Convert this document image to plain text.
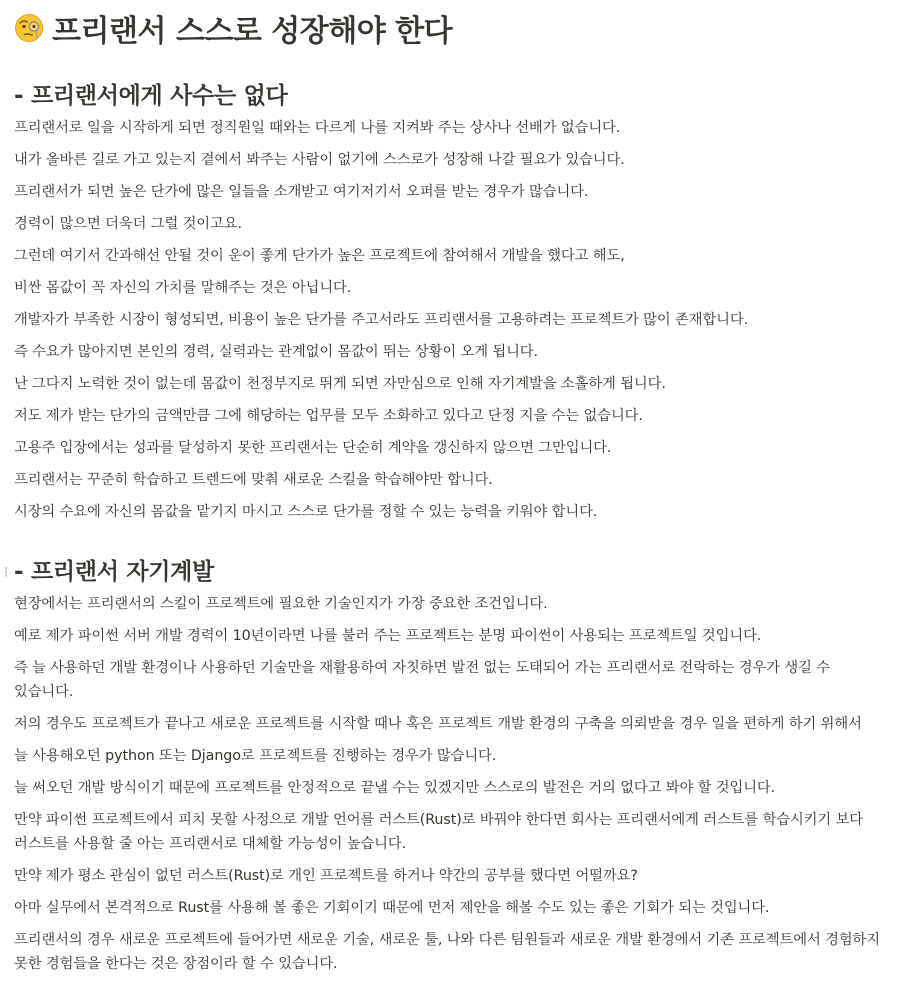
프리랜서 스스로 성장해야 한다
- 프리랜서에게 사수는 없다

프리랜서로 일을 시작하게 되면 정직원일 때와는 다르게 나를 지켜봐 주는 상사나 선배가 없습니다.

내가 올바른 길로 가고 있는지 곁에서 봐주는 사람이 없기에 스스로가 성장해 나갈 필요가 있습니다.

프리랜서가 되면 높은 단가에 많은 일들을 소개받고 여기저기서 오퍼를 받는 경우가 많습니다.

경력이 많으면 더욱더 그럴 것이고요.

그런데 여기서 간과해선 안될 것이 운이 좋게 단가가 높은 프로젝트에 참여해서 개발을 했다고 해도,

비싼 몸값이 꼭 자신의 가치를 말해주는 것은 아닙니다.

개발자가 부족한 시장이 형성되면, 비용이 높은 단가를 주고서라도 프리랜서를 고용하려는 프로젝트가 많이 존재합니다.

즉 수요가 많아지면 본인의 경력, 실력과는 관계없이 몸값이 뛰는 상황이 오게 됩니다.

난 그다지 노력한 것이 없는데 몸값이 천정부지로 뛰게 되면 자만심으로 인해 자기계발을 소홀하게 됩니다.

저도 제가 받는 단가의 금액만큼 그에 해당하는 업무를 모두 소화하고 있다고 단정 지을 수는 없습니다.

고용주 입장에서는 성과를 달성하지 못한 프리랜서는 단순히 계약을 갱신하지 않으면 그만입니다.

프리랜서는 꾸준히 학습하고 트렌드에 맞춰 새로운 스킬을 학습해야만 합니다.

시장의 수요에 자신의 몸값을 맡기지 마시고 스스로 단가를 정할 수 있는 능력을 키워야 합니다.

⋮ - 프리랜서 자기계발

현장에서는 프리랜서의 스킬이 프로젝트에 필요한 기술인지가 가장 중요한 조건입니다.

예로 제가 파이썬 서버 개발 경력이 10년이라면 나를 불러 주는 프로젝트는 분명 파이썬이 사용되는 프로젝트일 것입니다.

즉 늘 사용하던 개발 환경이나 사용하던 기술만을 재활용하여 자칫하면 발전 없는 도태되어 가는 프리랜서로 전락하는 경우가 생길 수 있습니다.

저의 경우도 프로젝트가 끝나고 새로운 프로젝트를 시작할 때나 혹은 프로젝트 개발 환경의 구축을 의뢰받을 경우 일을 편하게 하기 위해서

늘 사용해오던 python 또는 Django로 프로젝트를 진행하는 경우가 많습니다.

늘 써오던 개발 방식이기 때문에 프로젝트를 안정적으로 끝낼 수는 있겠지만 스스로의 발전은 거의 없다고 봐야 할 것입니다.

만약 파이썬 프로젝트에서 피치 못할 사정으로 개발 언어를 러스트(Rust)로 바꿔야 한다면 회사는 프리랜서에게 러스트를 학습시키기 보다 러스트를 사용할 줄 아는 프리랜서로 대체할 가능성이 높습니다.

만약 제가 평소 관심이 없던 러스트(Rust)로 개인 프로젝트를 하거나 약간의 공부를 했다면 어떨까요?

아마 실무에서 본격적으로 Rust를 사용해 볼 좋은 기회이기 때문에 먼저 제안을 해볼 수도 있는 좋은 기회가 되는 것입니다.

프리랜서의 경우 새로운 프로젝트에 들어가면 새로운 기술, 새로운 툴, 나와 다른 팀원들과 새로운 개발 환경에서 기존 프로젝트에서 경험하지 못한 경험들을 한다는 것은 장점이라 할 수 있습니다.
